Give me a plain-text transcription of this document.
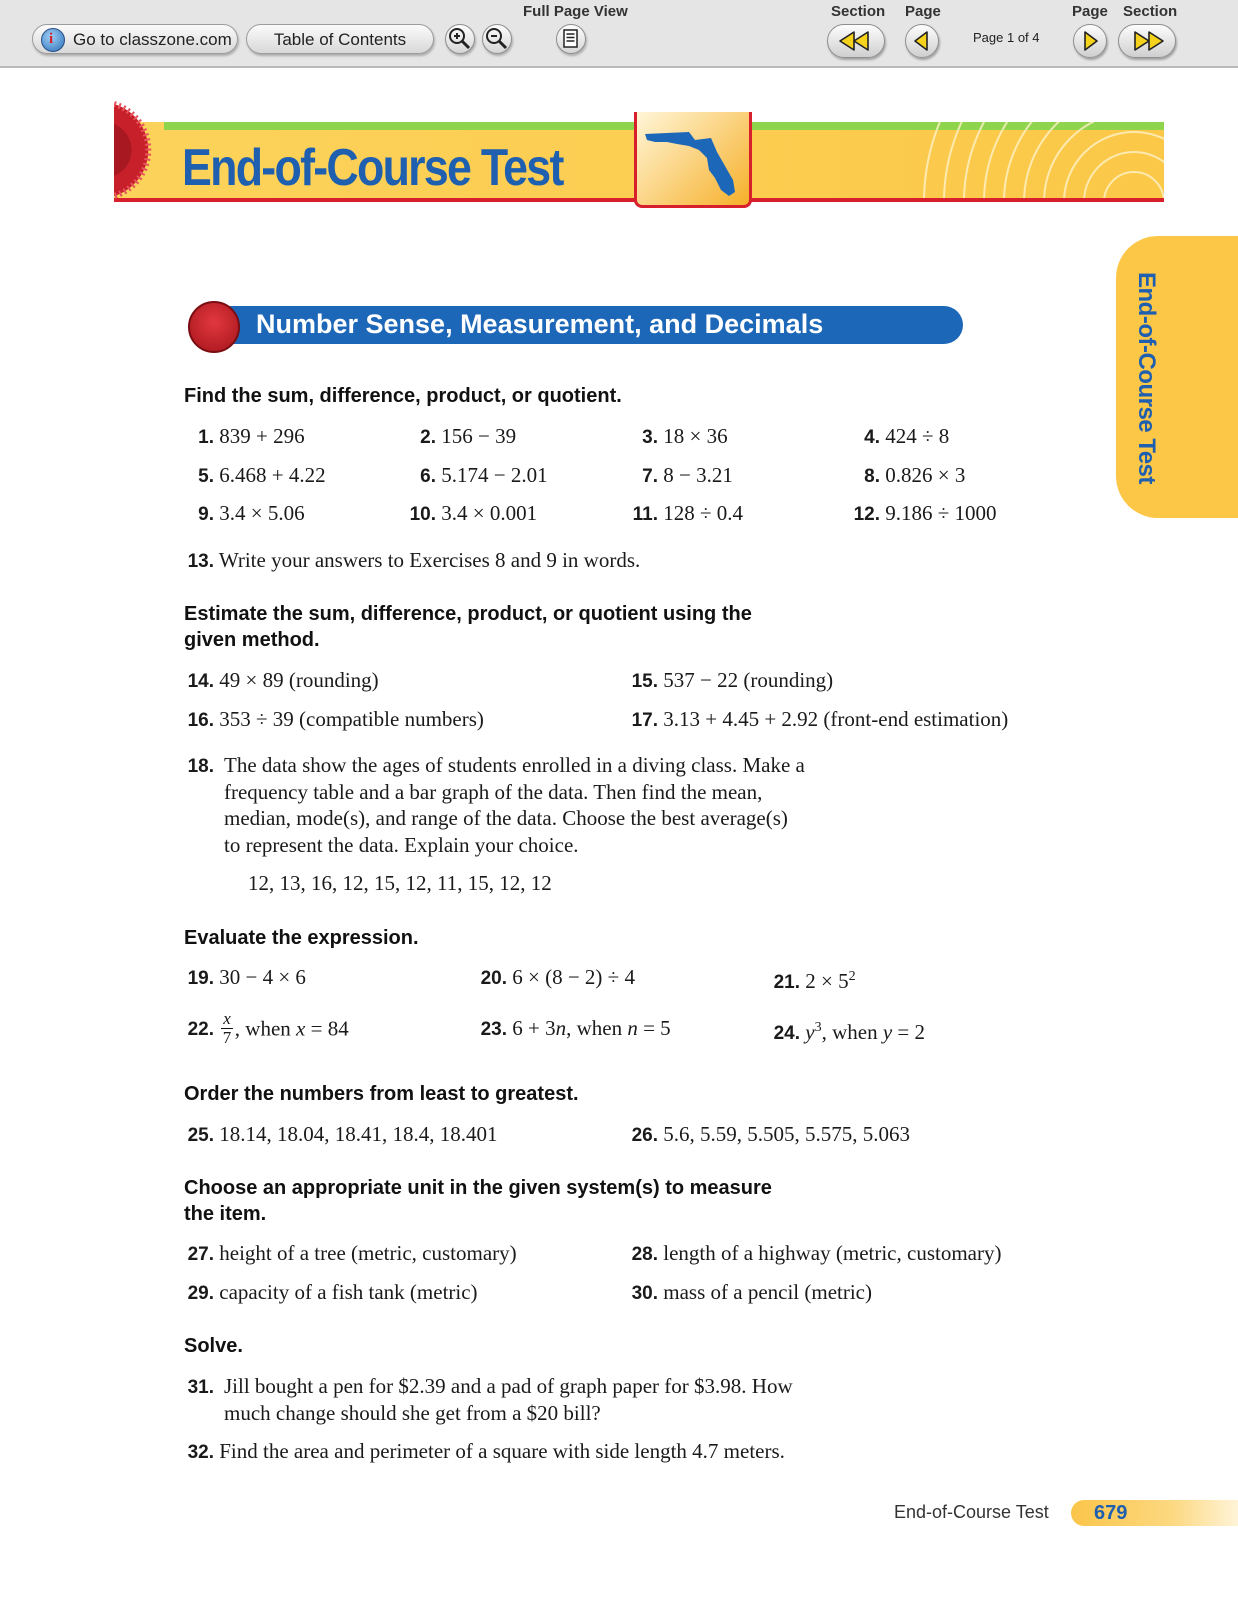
i Go to classzone.com	Table of Contents
Full Page View	Section Page
Page 1 of 4
Page Section
End-of-Course Test
End-of-Course Test
Number Sense, Measurement, and Decimals
Find the sum, difference, product, or quotient.
1. 839 + 296	2. 156 − 39	3. 18 × 36	4. 424 ÷ 8
5. 6.468 + 4.22	6. 5.174 − 2.01	7. 8 − 3.21	8. 0.826 × 3
9. 3.4 × 5.06	10. 3.4 × 0.001	11. 128 ÷ 0.4	12. 9.186 ÷ 1000
13. Write your answers to Exercises 8 and 9 in words.
Estimate the sum, difference, product, or quotient using the
given method.
14. 49 × 89 (rounding)	15. 537 − 22 (rounding)
16. 353 ÷ 39 (compatible numbers)	17. 3.13 + 4.45 + 2.92 (front-end estimation)
18. The data show the ages of students enrolled in a diving class. Make a
frequency table and a bar graph of the data. Then find the mean,
median, mode(s), and range of the data. Choose the best average(s)
to represent the data. Explain your choice.
12, 13, 16, 12, 15, 12, 11, 15, 12, 12
Evaluate the expression.
19. 30 − 4 × 6	20. 6 × (8 − 2) ÷ 4	21. $2 \times 5^2$
22. $\frac{x}{7}$ , when x = 84	23. 6 + 3n, when n = 5	24. $y^3$, when y = 2
Order the numbers from least to greatest.
25. 18.14, 18.04, 18.41, 18.4, 18.401	26. 5.6, 5.59, 5.505, 5.575, 5.063
Choose an appropriate unit in the given system(s) to measure
the item.
27. height of a tree (metric, customary)	28. length of a highway (metric, customary)
29. capacity of a fish tank (metric)	30. mass of a pencil (metric)
Solve.
31. Jill bought a pen for $2.39 and a pad of graph paper for $3.98. How
much change should she get from a $20 bill?
32. Find the area and perimeter of a square with side length 4.7 meters.
End-of-Course Test 679
